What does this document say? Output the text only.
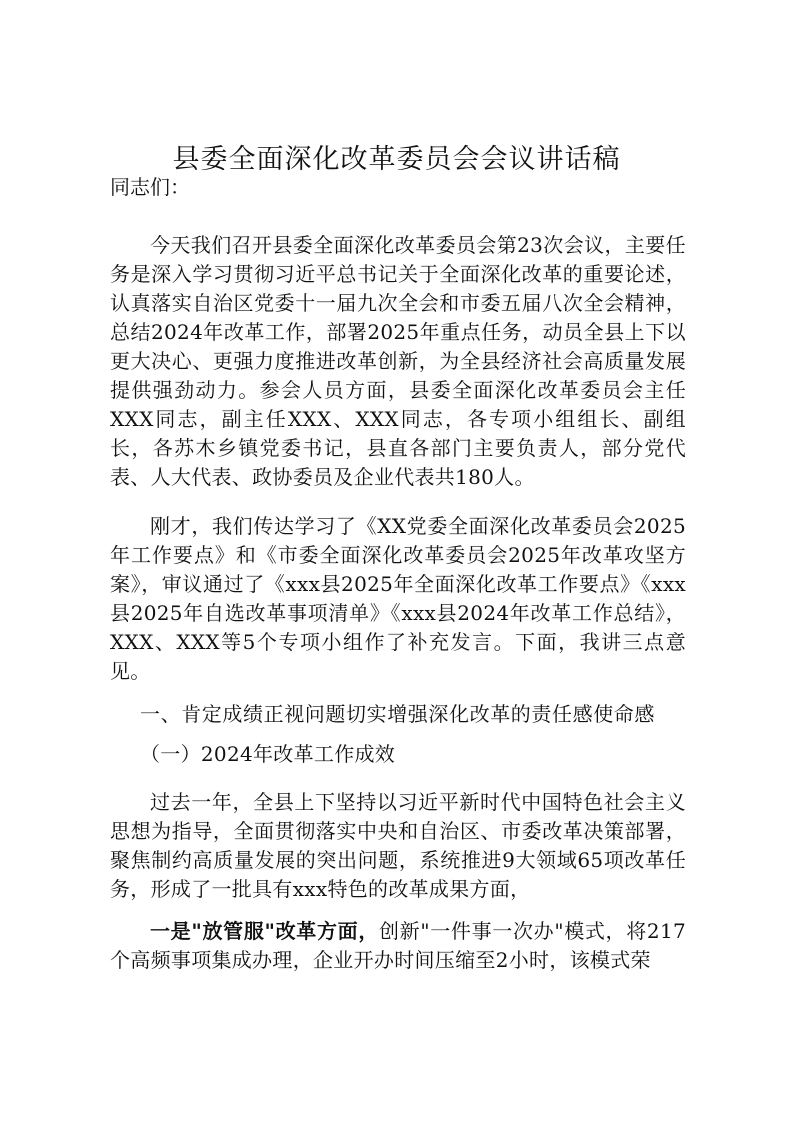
县委全面深化改革委员会会议讲话稿

同志们：

今天我们召开县委全面深化改革委员会第23次会议，主要任务是深入学习贯彻习近平总书记关于全面深化改革的重要论述，认真落实自治区党委十一届九次全会和市委五届八次全会精神，总结2024年改革工作，部署2025年重点任务，动员全县上下以更大决心、更强力度推进改革创新，为全县经济社会高质量发展提供强劲动力。参会人员方面，县委全面深化改革委员会主任XXX同志，副主任XXX、XXX同志，各专项小组组长、副组长，各苏木乡镇党委书记，县直各部门主要负责人，部分党代表、人大代表、政协委员及企业代表共180人。

刚才，我们传达学习了《XX党委全面深化改革委员会2025年工作要点》和《市委全面深化改革委员会2025年改革攻坚方案》，审议通过了《xxx县2025年全面深化改革工作要点》《xxx县2025年自选改革事项清单》《xxx县2024年改革工作总结》，XXX、XXX等5个专项小组作了补充发言。下面，我讲三点意见。

一、肯定成绩正视问题切实增强深化改革的责任感使命感

（一）2024年改革工作成效

过去一年，全县上下坚持以习近平新时代中国特色社会主义思想为指导，全面贯彻落实中央和自治区、市委改革决策部署，聚焦制约高质量发展的突出问题，系统推进9大领域65项改革任务，形成了一批具有xxx特色的改革成果方面，

一是"放管服"改革方面，创新"一件事一次办"模式，将217个高频事项集成办理，企业开办时间压缩至2小时，该模式荣
